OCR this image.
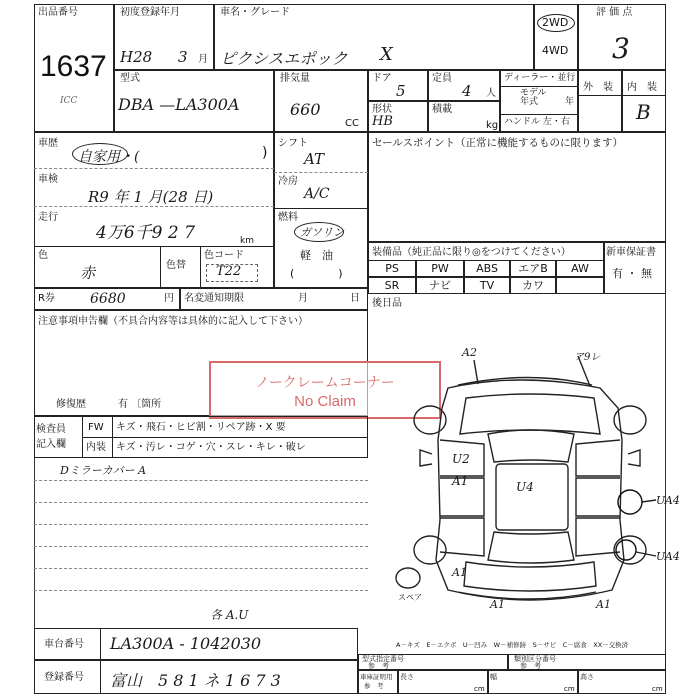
出品番号
1637
ICC
初度登録年月
H28 3 月
車名・グレード
ピクシスエポック X
2WD
4WD
評 価 点
3
型式
DBA —LA300A
排気量
660
CC
ドア
5
定員
4 人
形状
HB
積載
kg
ディーラー・並行
モデル
年式	年
ハンドル 左・右
外　装 内　装
B
車歴
自家用・(	)
車検
R9 年 1 月(28 日)
走行
4万6千9 2 7	km
色
赤	色替
色コード
T22
シフト
AT
冷房
A/C
燃料
ガソリン
軽　油
(　　　　)
セールスポイント（正常に機能するものに限ります）
装備品（純正品に限り◎をつけてください）
PS	PW	ABS	エアB	AW
SR	ナビ	TV	カワ
新車保証書
有 ・ 無
後日品
R券	6680	円 名変通知期限	月	日
注意事項申告欄（不具合内容等は具体的に記入して下さい）
修復歴	有 〔箇所
ノークレームコーナー
No Claim
検査員
記入欄
FW キズ・飛石・ヒビ割・リペア跡・X 要
内装 キズ・汚レ・コゲ・穴・スレ・キレ・破レ
Dミラーカバー A
各 A.U
A2	ア9レ
U2
A1	U4
UA4
UA4
A1
A1	A1
スペア
A－キズ　E－エクボ　U－凹み　W－補修跡　S－サビ　C－腐食　XX－交換済
車台番号 LA300A - 1042030
登録番号 富山　5 8 1 ネ 1 6 7 3
型式指定番号
参　考
類別区分番号
参　考
車庫証明用
参　考
長さ
cm
幅
cm
高さ
cm
